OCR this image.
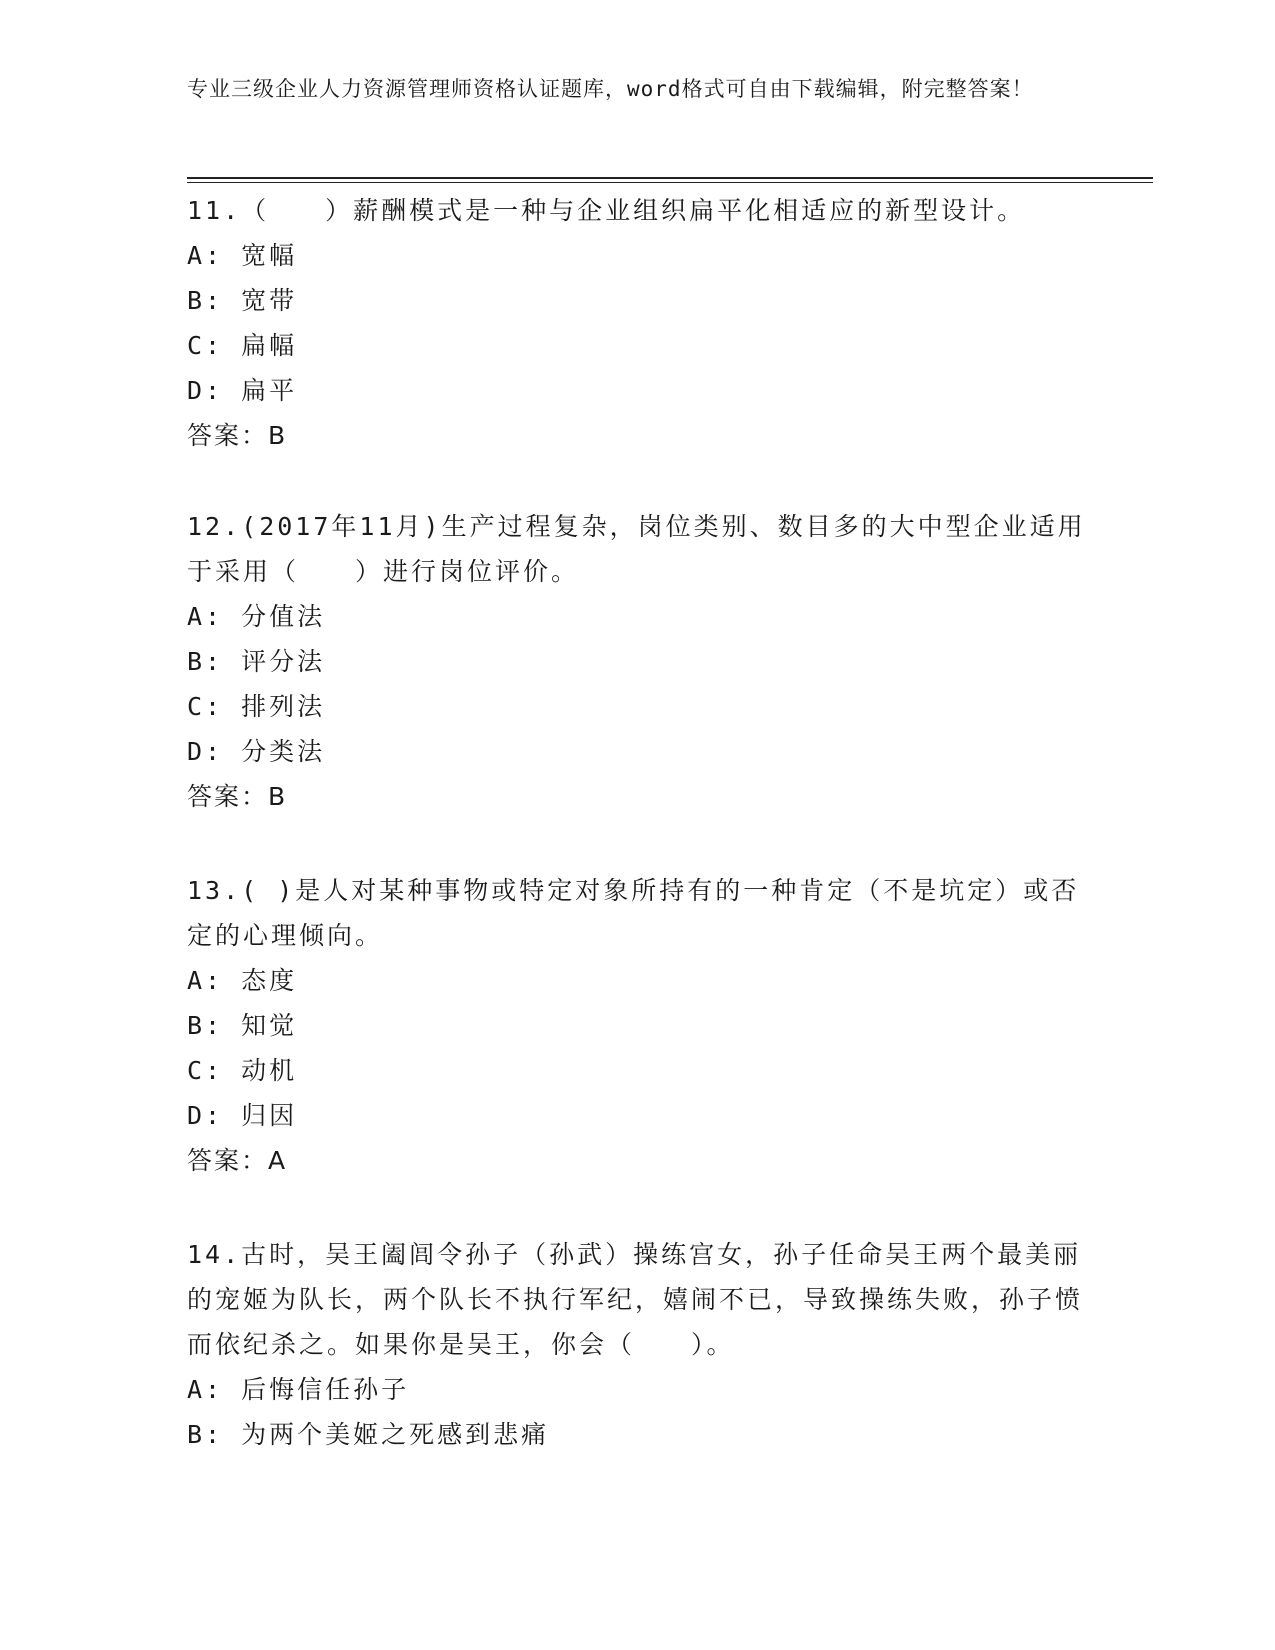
专业三级企业人力资源管理师资格认证题库，word格式可自由下载编辑，附完整答案！

11.（　　）薪酬模式是一种与企业组织扁平化相适应的新型设计。

A: 宽幅

B: 宽带

C: 扁幅

D: 扁平

答案：B

12.(2017年11月)生产过程复杂，岗位类别、数目多的大中型企业适用于采用（　　）进行岗位评价。

A: 分值法

B: 评分法

C: 排列法

D: 分类法

答案：B

13.( )是人对某种事物或特定对象所持有的一种肯定（不是坑定）或否定的心理倾向。

A: 态度

B: 知觉

C: 动机

D: 归因

答案：A

14.古时，吴王阖闾令孙子（孙武）操练宫女，孙子任命吴王两个最美丽的宠姬为队长，两个队长不执行军纪，嬉闹不已，导致操练失败，孙子愤而依纪杀之。如果你是吴王，你会（　　）。

A: 后悔信任孙子

B: 为两个美姬之死感到悲痛
